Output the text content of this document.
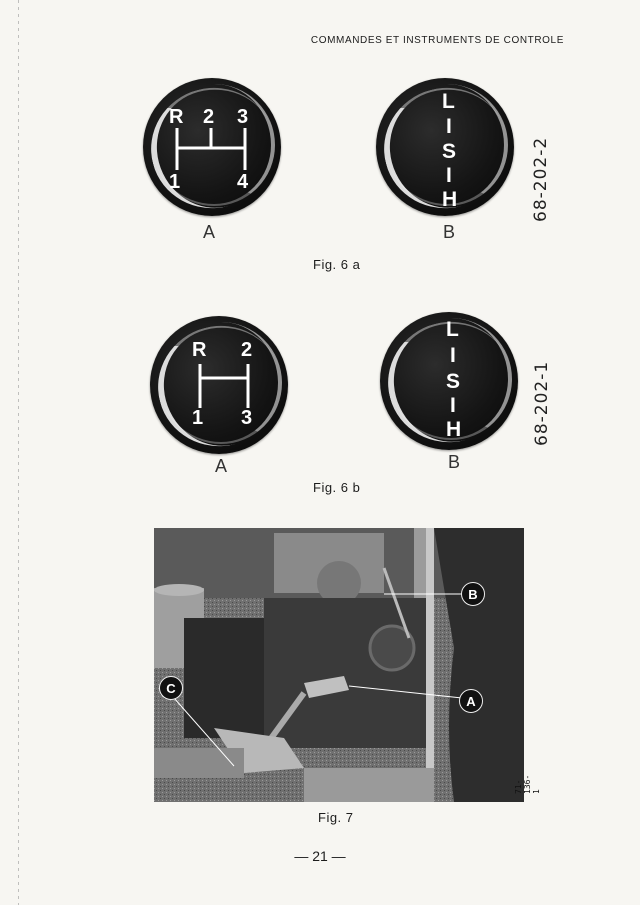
COMMANDES ET INSTRUMENTS DE CONTROLE
R 2 3
1	4
A
L
I
S
I
H
B
68-202-2
Fig. 6 a
R 2
1 3
A
L
I
S
I
H
B
68-202-1
Fig. 6 b
B
A
C
71-136-1
Fig. 7
— 21 —
